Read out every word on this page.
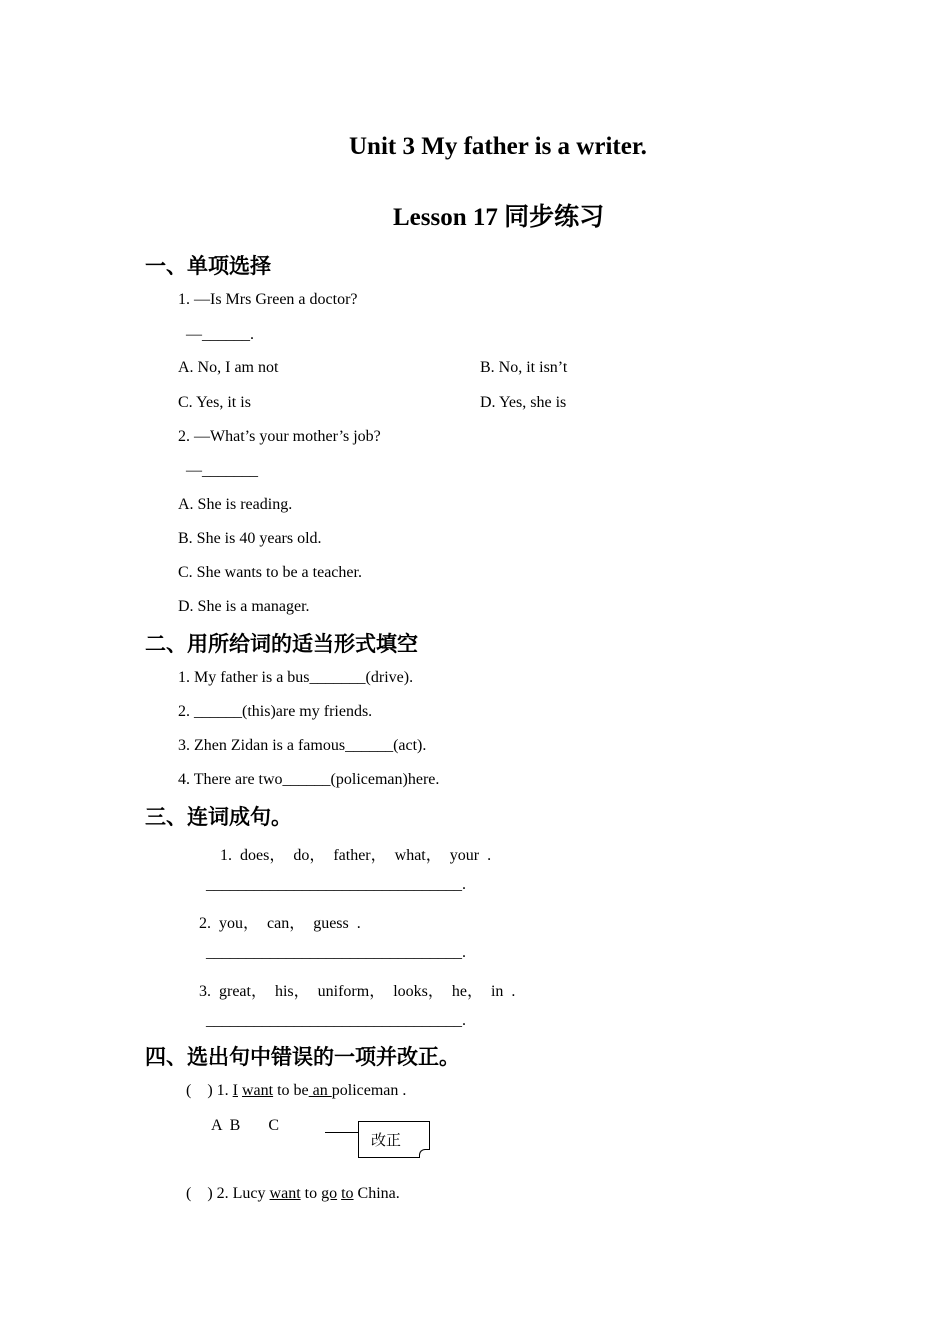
Unit 3 My father is a writer.
Lesson 17 同步练习
一、单项选择
1. —Is Mrs Green a doctor?
—______.
A. No, I am not	B. No, it isn’t
C. Yes, it is	D. Yes, she is
2. —What’s your mother’s job?
—_______
A. She is reading.
B. She is 40 years old.
C. She wants to be a teacher.
D. She is a manager.
二、用所给词的适当形式填空
1. My father is a bus_______(drive).
2. ______(this)are my friends.
3. Zhen Zidan is a famous______(act).
4. There are two______(policeman)here.
三、连词成句。
1. does， do， father， what， your .
________________________________.
2. you， can， guess .
________________________________.
3. great， his， uniform， looks， he， in .
________________________________.
四、选出句中错误的一项并改正。
(    ) 1. I want to be an policeman .
A  B       C
改正
(    ) 2. Lucy want to go to China.
